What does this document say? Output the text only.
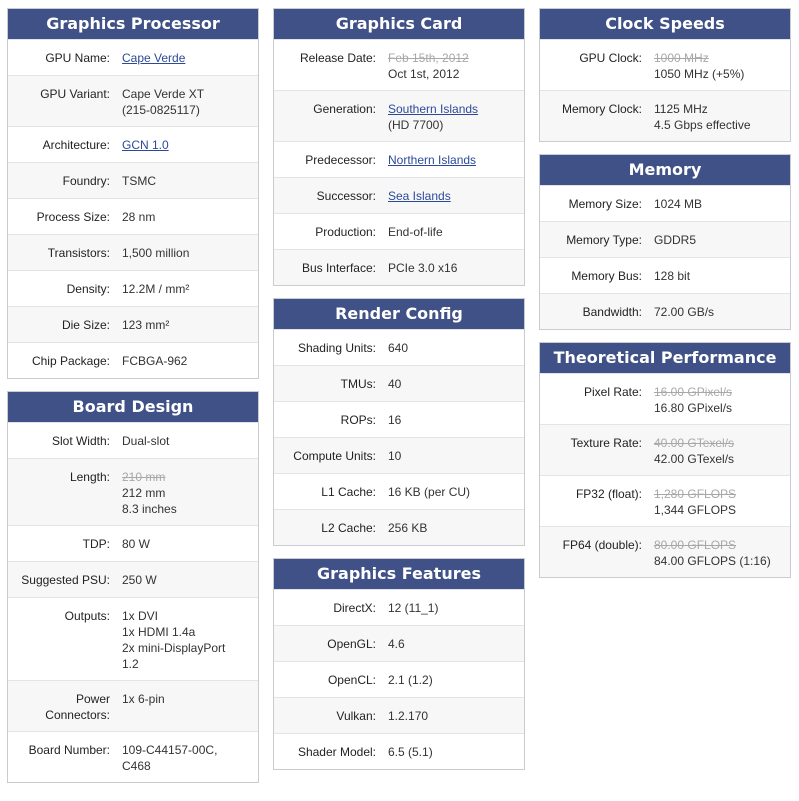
Graphics Processor
GPU Name:	Cape Verde
GPU Variant:	Cape Verde XT
(215-0825117)
Architecture:	GCN 1.0
Foundry:	TSMC
Process Size:	28 nm
Transistors:	1,500 million
Density:	12.2M / mm²
Die Size:	123 mm²
Chip Package:	FCBGA-962
Board Design
Slot Width:	Dual-slot
Length:	210 mm
212 mm
8.3 inches
TDP:	80 W
Suggested PSU:	250 W
Outputs:	1x DVI
1x HDMI 1.4a
2x mini-DisplayPort
1.2
Power
Connectors:
1x 6-pin
Board Number:	109-C44157-00C,
C468
Graphics Card
Release Date:	Feb 15th, 2012
Oct 1st, 2012
Generation:	Southern Islands
(HD 7700)
Predecessor:	Northern Islands
Successor:	Sea Islands
Production:	End-of-life
Bus Interface:	PCIe 3.0 x16
Render Config
Shading Units:	640
TMUs:	40
ROPs:	16
Compute Units:	10
L1 Cache:	16 KB (per CU)
L2 Cache:	256 KB
Graphics Features
DirectX:	12 (11_1)
OpenGL:	4.6
OpenCL:	2.1 (1.2)
Vulkan:	1.2.170
Shader Model:	6.5 (5.1)
Clock Speeds
GPU Clock:	1000 MHz
1050 MHz (+5%)
Memory Clock:	1125 MHz
4.5 Gbps effective
Memory
Memory Size:	1024 MB
Memory Type:	GDDR5
Memory Bus:	128 bit
Bandwidth:	72.00 GB/s
Theoretical Performance
Pixel Rate:	16.00 GPixel/s
16.80 GPixel/s
Texture Rate:	40.00 GTexel/s
42.00 GTexel/s
FP32 (float):	1,280 GFLOPS
1,344 GFLOPS
FP64 (double):	80.00 GFLOPS
84.00 GFLOPS (1:16)
